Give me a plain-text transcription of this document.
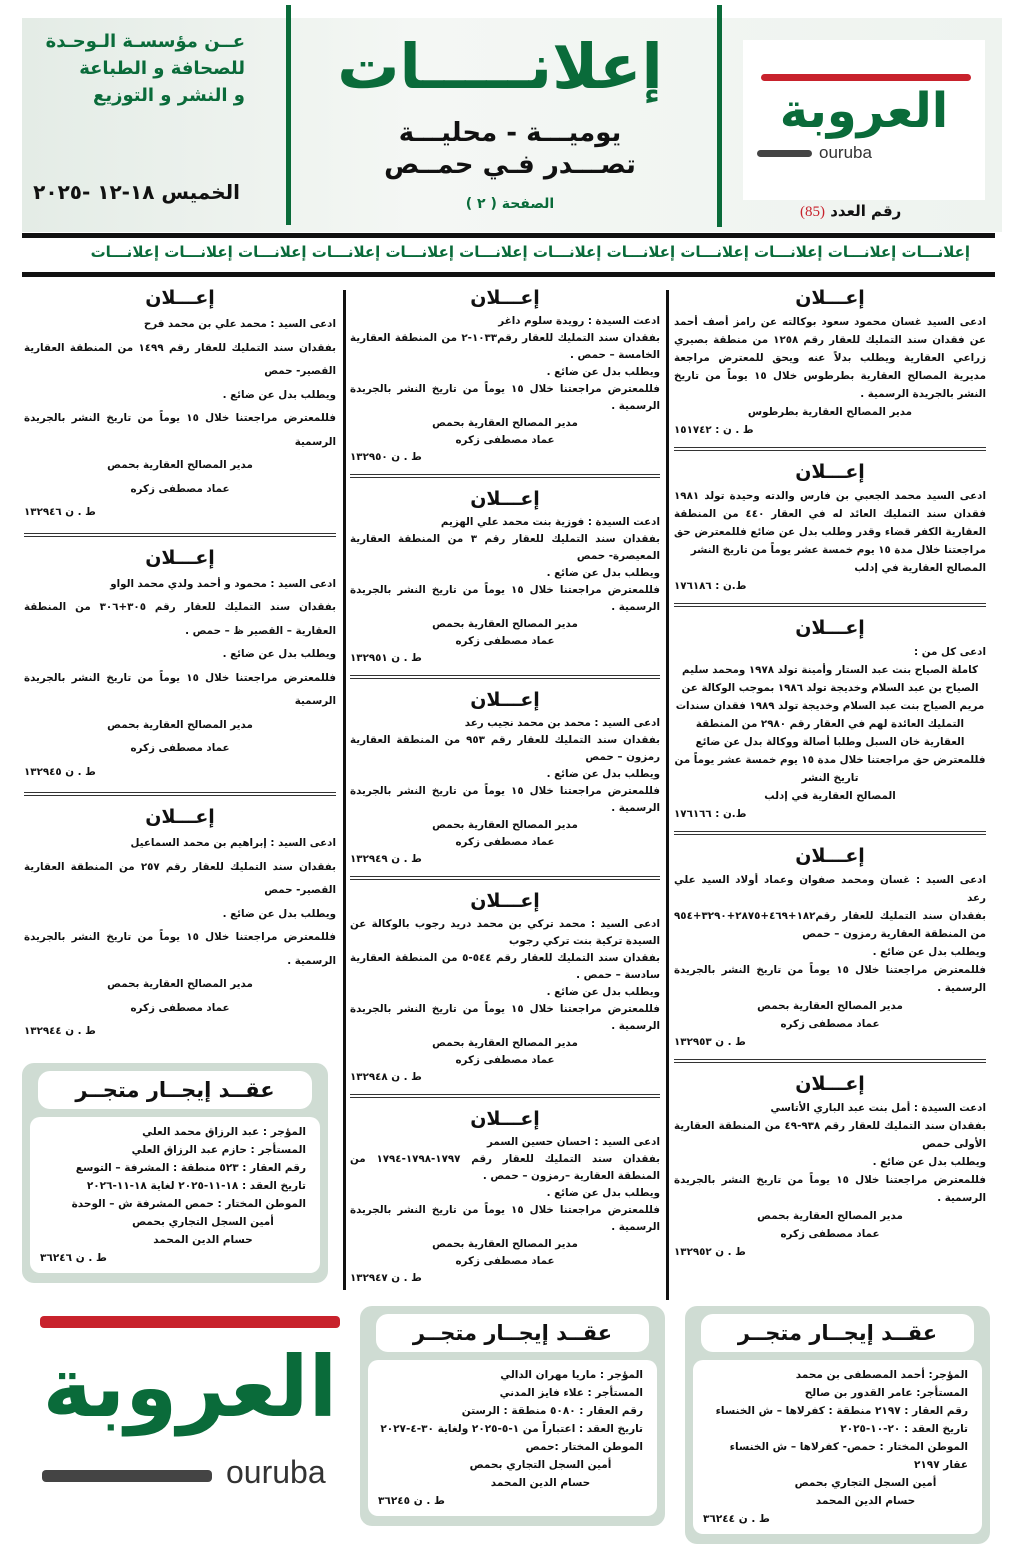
العروبة
ouruba
رقم العدد (85)
إعلانـــــات
يوميـــة - محليـــة
تصـــدر فـي حمــص
الصفحة ( ٢ )
عــن مؤسسـة الـوحـدة
للصحافة و الطباعة
و النشر و التوزيع
الخميس ١٨-١٢ -٢٠٢٥
إعلانـــات إعلانـــات إعلانـــات إعلانـــات إعلانـــات إعلانـــات إعلانـــات إعلانـــات إعلانـــات إعلانـــات إعلانـــات إعلانـــات
إعـــلان

ادعى السيد غسان محمود سعود بوكالته عن رامز أصف أحمد عن فقدان سند التمليك للعقار رقم ١٢٥٨ من منطقة بصيري زراعي العقارية ويطلب بدلاً عنه ويحق للمعترض مراجعة مديرية المصالح العقارية بطرطوس خلال ١٥ يوماً من تاريخ النشر بالجريدة الرسمية .

مدير المصالح العقارية بطرطوس

ط . ن : ١٥١٧٤٢

إعـــلان

ادعى السيد محمد الجعبي بن فارس والدته وحيدة تولد ١٩٨١ فقدان سند التمليك العائد له في العقار ٤٤٠ من المنطقة العقارية الكفر قضاء وقدر وطلب بدل عن ضائع فللمعترض حق مراجعتنا خلال مدة ١٥ يوم خمسة عشر يوماً من تاريخ النشر

المصالح العقارية في إدلب

ط.ن : ١٧٦١٨٦

إعـــلان

ادعى كل من :

كاملة الصياح بنت عبد الستار وأمينة تولد ١٩٧٨ ومحمد سليم الصياح بن عبد السلام وخديجة تولد ١٩٨٦ بموجب الوكالة عن مريم الصياح بنت عبد السلام وخديجة تولد ١٩٨٩ فقدان سندات التمليك العائدة لهم في العقار رقم ٢٩٨٠ من المنطقة العقارية خان السبل وطلبا أصالة ووكالة بدل عن ضائع فللمعترض حق مراجعتنا خلال مدة ١٥ يوم خمسة عشر يوماً من تاريخ النشر

المصالح العقارية في إدلب

ط.ن : ١٧٦١٦٦

إعـــلان

ادعى السيد : غسان ومحمد صفوان وعماد أولاد السيد علي رعد

بفقدان سند التمليك للعقار رقم١٨٢+٤٦٩+٢٨٧٥+٣٢٩٠+٩٥٤ من المنطقة العقارية رمزون – حمص

ويطلب بدل عن ضائع .

فللمعترض مراجعتنا خلال ١٥ يوماً من تاريخ النشر بالجريدة الرسمية .

مدير المصالح العقارية بحمص

عماد مصطفى زكره

ط . ن ١٣٢٩٥٣

إعـــلان

ادعت السيدة : أمل بنت عبد الباري الأتاسي

بفقدان سند التمليك للعقار رقم ٩٣٨-٤٩ من المنطقة العقارية الأولى حمص

ويطلب بدل عن ضائع .

فللمعترض مراجعتنا خلال ١٥ يوماً من تاريخ النشر بالجريدة الرسمية .

مدير المصالح العقارية بحمص

عماد مصطفى زكره

ط . ن ١٣٢٩٥٢

إعـــلان

ادعت السيدة : رويدة سلوم داغر

بفقدان سند التمليك للعقار رقم١٠٣٣-٢ من المنطقة العقارية الخامسة – حمص .

ويطلب بدل عن ضائع .

فللمعترض مراجعتنا خلال ١٥ يوماً من تاريخ النشر بالجريدة الرسمية .

مدير المصالح العقارية بحمص

عماد مصطفى زكره

ط . ن ١٣٢٩٥٠

إعـــلان

ادعت السيدة : فوزية بنت محمد علي الهزيم

بفقدان سند التمليك للعقار رقم ٣ من المنطقة العقارية المعيصرة- حمص

ويطلب بدل عن ضائع .

فللمعترض مراجعتنا خلال ١٥ يوماً من تاريخ النشر بالجريدة الرسمية .

مدير المصالح العقارية بحمص

عماد مصطفى زكره

ط . ن ١٣٢٩٥١

إعـــلان

ادعى السيد : محمد بن محمد نجيب رعد

بفقدان سند التمليك للعقار رقم ٩٥٣ من المنطقة العقارية رمزون – حمص

ويطلب بدل عن ضائع .

فللمعترض مراجعتنا خلال ١٥ يوماً من تاريخ النشر بالجريدة الرسمية .

مدير المصالح العقارية بحمص

عماد مصطفى زكره

ط . ن ١٣٢٩٤٩

إعـــلان

ادعى السيد : محمد تركي بن محمد دريد رجوب بالوكالة عن السيدة تركية بنت تركي رجوب

بفقدان سند التمليك للعقار رقم ٥٤٤-٥ من المنطقة العقارية سادسة – حمص .

ويطلب بدل عن ضائع .

فللمعترض مراجعتنا خلال ١٥ يوماً من تاريخ النشر بالجريدة الرسمية .

مدير المصالح العقارية بحمص

عماد مصطفى زكره

ط . ن ١٣٢٩٤٨

إعـــلان

ادعى السيد : احسان حسين السمر

بفقدان سند التمليك للعقار رقم ١٧٩٧-١٧٩٨-١٧٩٤ من المنطقة العقارية –رمزون – حمص .

ويطلب بدل عن ضائع .

فللمعترض مراجعتنا خلال ١٥ يوماً من تاريخ النشر بالجريدة الرسمية .

مدير المصالح العقارية بحمص

عماد مصطفى زكره

ط . ن ١٣٢٩٤٧

إعـــلان

ادعى السيد : محمد علي بن محمد فرح

بفقدان سند التمليك للعقار رقم ١٤٩٩ من المنطقة العقارية القصير- حمص

ويطلب بدل عن ضائع .

فللمعترض مراجعتنا خلال ١٥ يوماً من تاريخ النشر بالجريدة الرسمية

مدير المصالح العقارية بحمص

عماد مصطفى زكره

ط . ن ١٣٢٩٤٦

إعـــلان

ادعى السيد : محمود و أحمد ولدي محمد الواو

بفقدان سند التمليك للعقار رقم ٣٠٥+٣٠٦ من المنطقة العقارية – القصير ظ – حمص .

ويطلب بدل عن ضائع .

فللمعترض مراجعتنا خلال ١٥ يوماً من تاريخ النشر بالجريدة الرسمية

مدير المصالح العقارية بحمص

عماد مصطفى زكره

ط . ن ١٣٢٩٤٥

إعـــلان

ادعى السيد : إبراهيم بن محمد السماعيل

بفقدان سند التمليك للعقار رقم ٢٥٧ من المنطقة العقارية القصير- حمص

ويطلب بدل عن ضائع .

فللمعترض مراجعتنا خلال ١٥ يوماً من تاريخ النشر بالجريدة الرسمية .

مدير المصالح العقارية بحمص

عماد مصطفى زكره

ط . ن ١٣٢٩٤٤

عقــد إيجــار متجــر

المؤجر : عبد الرزاق محمد العلي

المستأجر : حازم عبد الرزاق العلي

رقم العقار : ٥٢٣ منطقة : المشرفة – التوسع

تاريخ العقد : ١٨-١١-٢٠٢٥ لغاية ١٨-١١-٢٠٢٦

الموطن المختار : حمص المشرفة ش – الوحدة

أمين السجل التجاري بحمص

حسام الدين المحمد

ط . ن ٣٦٢٤٦

عقــد إيجــار متجــر

المؤجر : ماريا مهران الدالي

المستأجر : علاء فايز المدني

رقم العقار : ٥٠٨٠ منطقة : الرستن

تاريخ العقد : اعتباراً من ١-٥-٢٠٢٥ ولغاية ٣٠-٤-٢٠٢٧

الموطن المختار :حمص

أمين السجل التجاري بحمص

حسام الدين المحمد

ط . ن ٣٦٢٤٥

عقــد إيجــار متجــر

المؤجر: أحمد المصطفى بن محمد

المستأجر: عامر القدور بن صالح

رقم العقار : ٢١٩٧ منطقة : كفرلاها – ش الخنساء

تاريخ العقد : ٢٠-١٠-٢٠٢٥

الموطن المختار : حمص- كفرلاها – ش الخنساء عقار ٢١٩٧

أمين السجل التجاري بحمص

حسام الدين المحمد

ط . ن ٣٦٢٤٤

العروبة
ouruba
